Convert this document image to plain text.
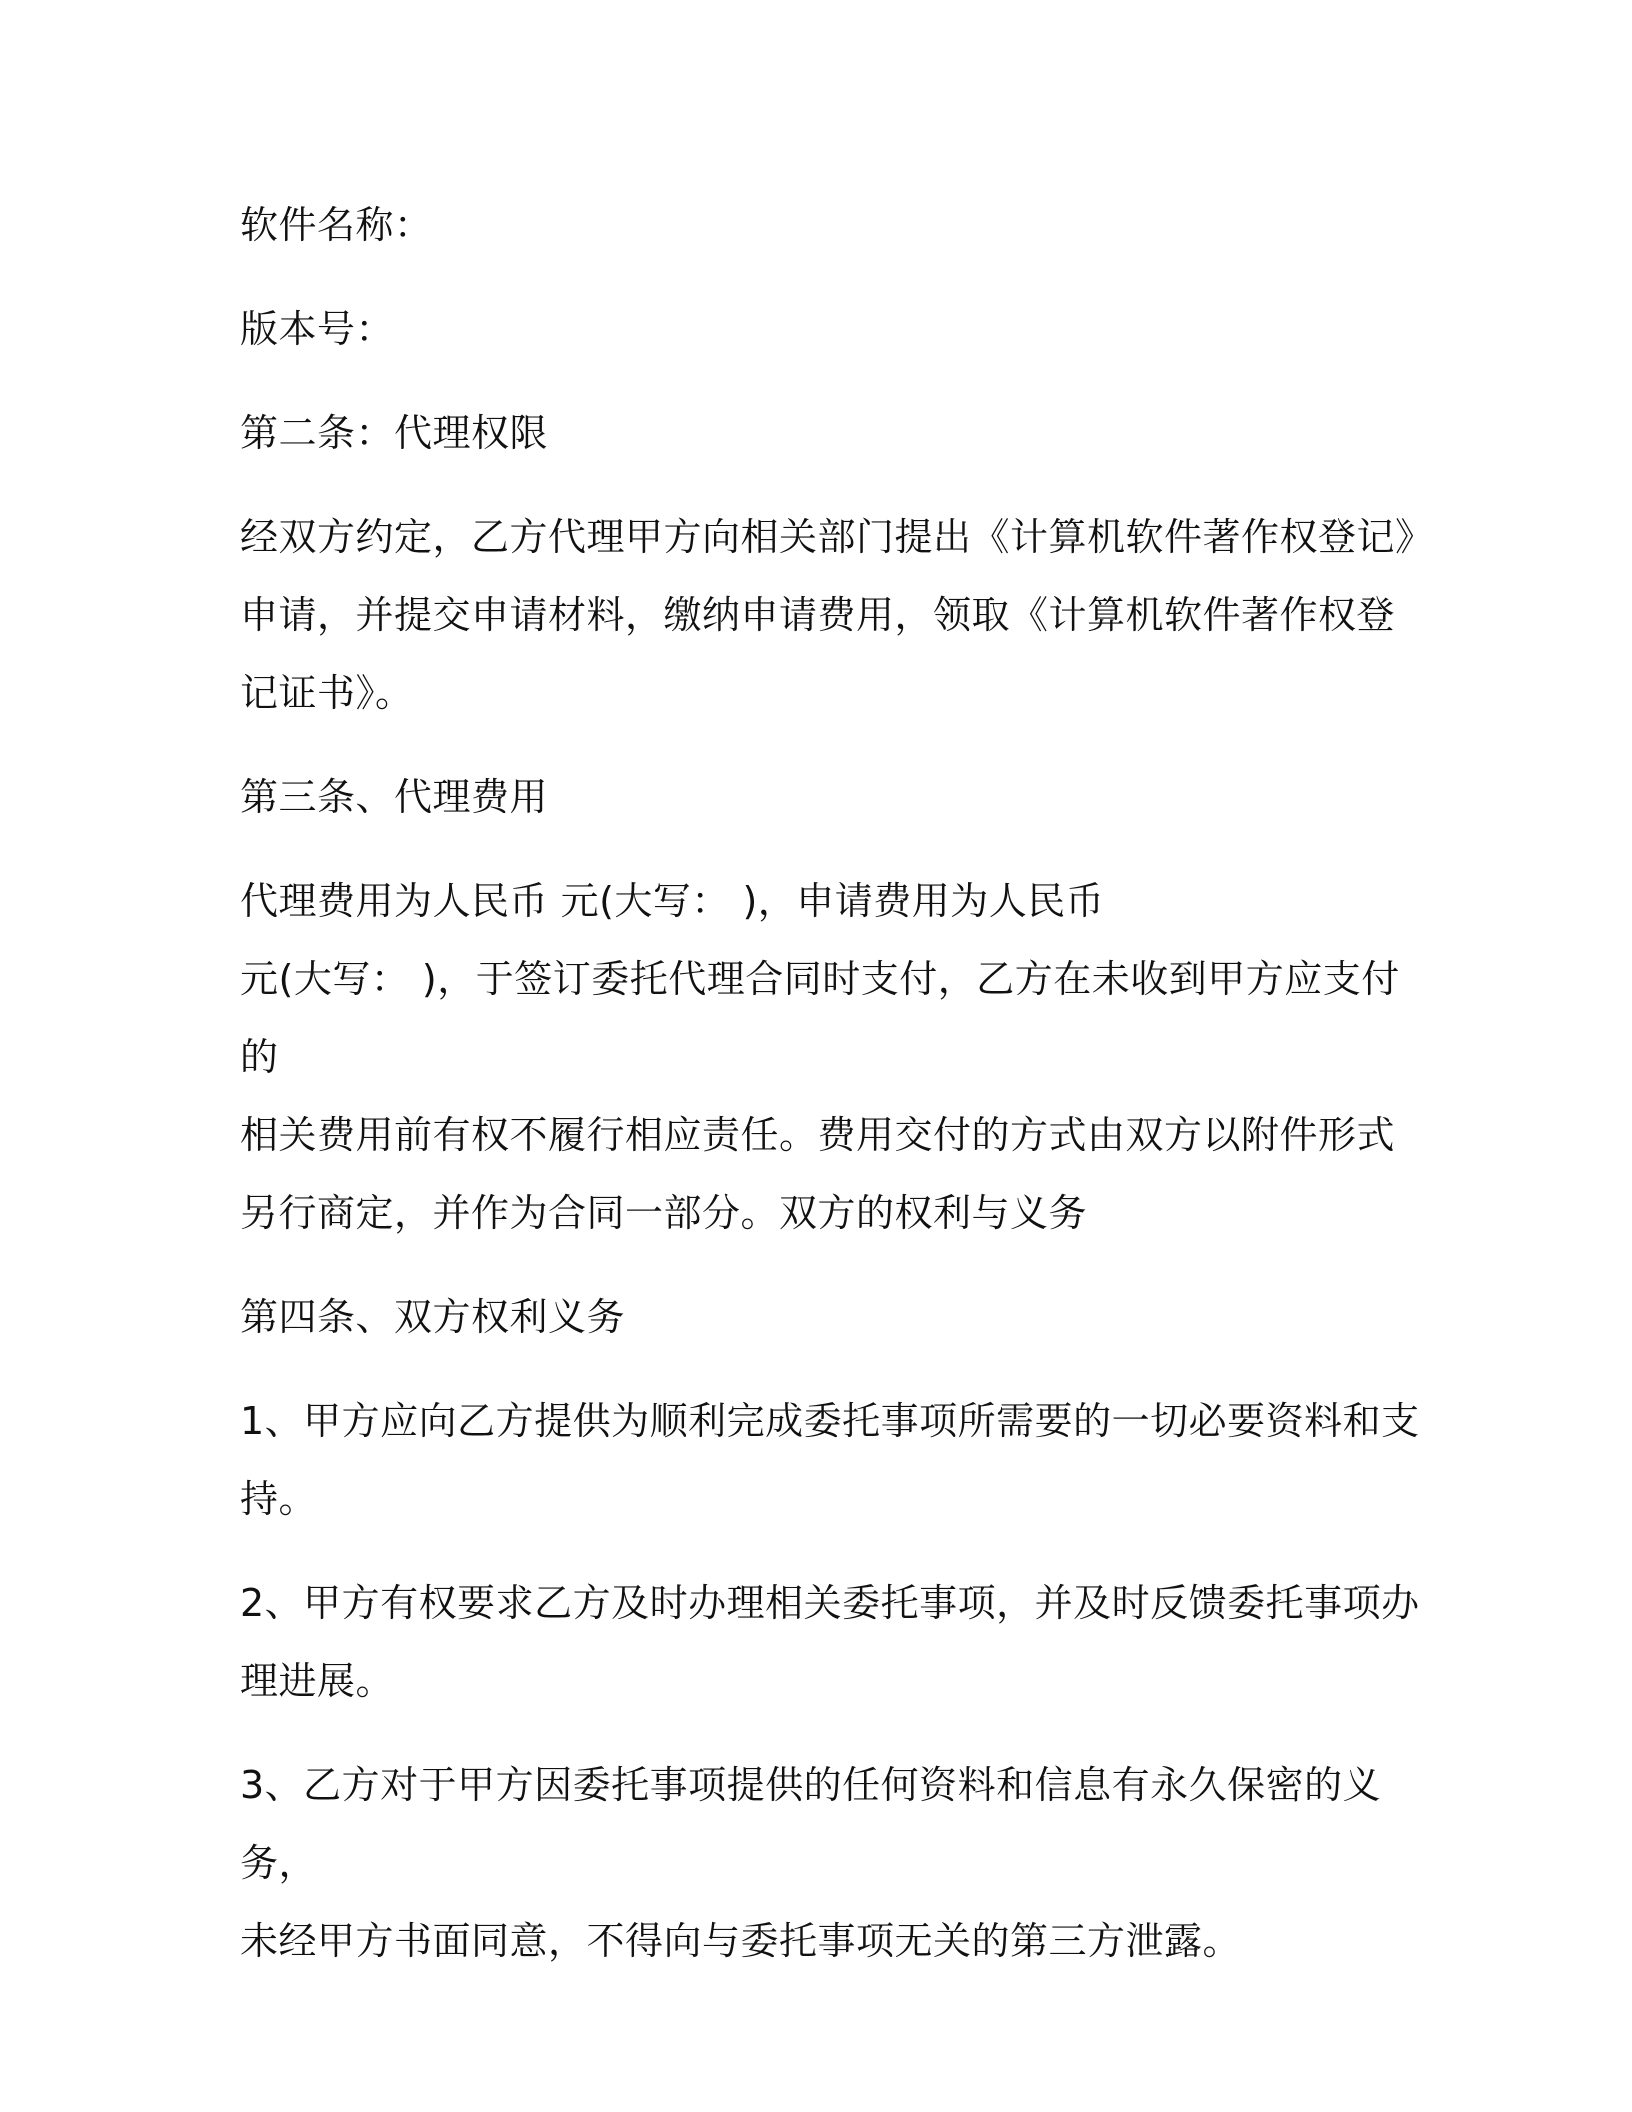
软件名称：

版本号：

第二条：代理权限

经双方约定，乙方代理甲方向相关部门提出《计算机软件著作权登记》

申请，并提交申请材料，缴纳申请费用，领取《计算机软件著作权登

记证书》。

第三条、代理费用

代理费用为人民币 元(大写： )，申请费用为人民币

元(大写： )，于签订委托代理合同时支付，乙方在未收到甲方应支付的

相关费用前有权不履行相应责任。费用交付的方式由双方以附件形式

另行商定，并作为合同一部分。双方的权利与义务

第四条、双方权利义务

1、甲方应向乙方提供为顺利完成委托事项所需要的一切必要资料和支

持。

2、甲方有权要求乙方及时办理相关委托事项，并及时反馈委托事项办

理进展。

3、乙方对于甲方因委托事项提供的任何资料和信息有永久保密的义务，

未经甲方书面同意，不得向与委托事项无关的第三方泄露。
